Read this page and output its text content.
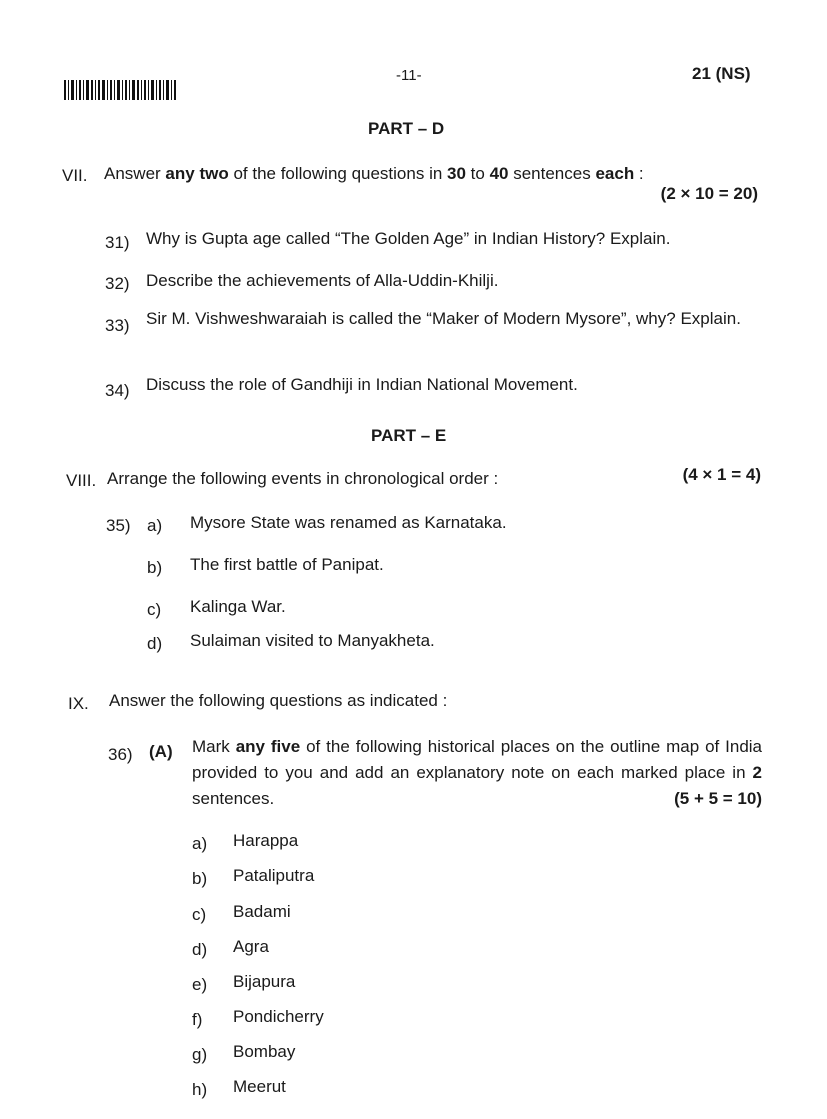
-11-	21 (NS)
PART – D
VII. Answer any two of the following questions in 30 to 40 sentences each :
(2 × 10 = 20)
31) Why is Gupta age called “The Golden Age” in Indian History? Explain.
32) Describe the achievements of Alla-Uddin-Khilji.
33) Sir M. Vishweshwaraiah is called the “Maker of Modern Mysore”, why? Explain.
34) Discuss the role of Gandhiji in Indian National Movement.
PART – E
VIII. Arrange the following events in chronological order :	(4 × 1 = 4)
35) a) Mysore State was renamed as Karnataka.
b) The first battle of Panipat.
c) Kalinga War.
d) Sulaiman visited to Manyakheta.
IX. Answer the following questions as indicated :
36) (A) Mark any five of the following historical places on the outline map of India provided to you and add an explanatory note on each marked place in 2 sentences.	(5 + 5 = 10)
a) Harappa
b) Pataliputra
c) Badami
d) Agra
e) Bijapura
f) Pondicherry
g) Bombay
h) Meerut
